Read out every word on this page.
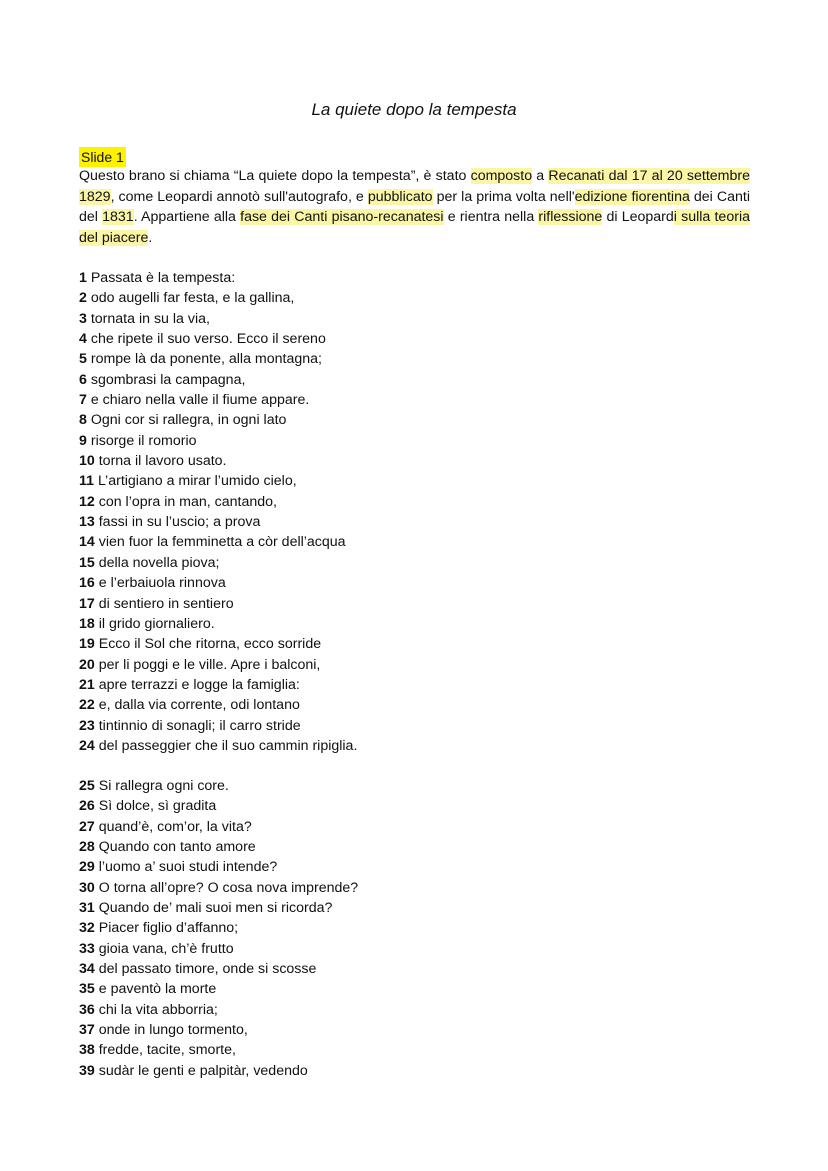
La quiete dopo la tempesta
Slide 1
Questo brano si chiama “La quiete dopo la tempesta”, è stato composto a Recanati dal 17 al 20 settembre 1829, come Leopardi annotò sull'autografo, e pubblicato per la prima volta nell'edizione fiorentina dei Canti del 1831. Appartiene alla fase dei Canti pisano-recanatesi e rientra nella riflessione di Leopardi sulla teoria del piacere.
1 Passata è la tempesta:
2 odo augelli far festa, e la gallina,
3 tornata in su la via,
4 che ripete il suo verso. Ecco il sereno
5 rompe là da ponente, alla montagna;
6 sgombrasi la campagna,
7 e chiaro nella valle il fiume appare.
8 Ogni cor si rallegra, in ogni lato
9 risorge il romorio
10 torna il lavoro usato.
11 L’artigiano a mirar l’umido cielo,
12 con l’opra in man, cantando,
13 fassi in su l’uscio; a prova
14 vien fuor la femminetta a còr dell’acqua
15 della novella piova;
16 e l’erbaiuola rinnova
17 di sentiero in sentiero
18 il grido giornaliero.
19 Ecco il Sol che ritorna, ecco sorride
20 per li poggi e le ville. Apre i balconi,
21 apre terrazzi e logge la famiglia:
22 e, dalla via corrente, odi lontano
23 tintinnio di sonagli; il carro stride
24 del passeggier che il suo cammin ripiglia.
25 Si rallegra ogni core.
26 Sì dolce, sì gradita
27 quand’è, com’or, la vita?
28 Quando con tanto amore
29 l’uomo a’ suoi studi intende?
30 O torna all’opre? O cosa nova imprende?
31 Quando de’ mali suoi men si ricorda?
32 Piacer figlio d’affanno;
33 gioia vana, ch’è frutto
34 del passato timore, onde si scosse
35 e paventò la morte
36 chi la vita abborria;
37 onde in lungo tormento,
38 fredde, tacite, smorte,
39 sudàr le genti e palpitàr, vedendo
